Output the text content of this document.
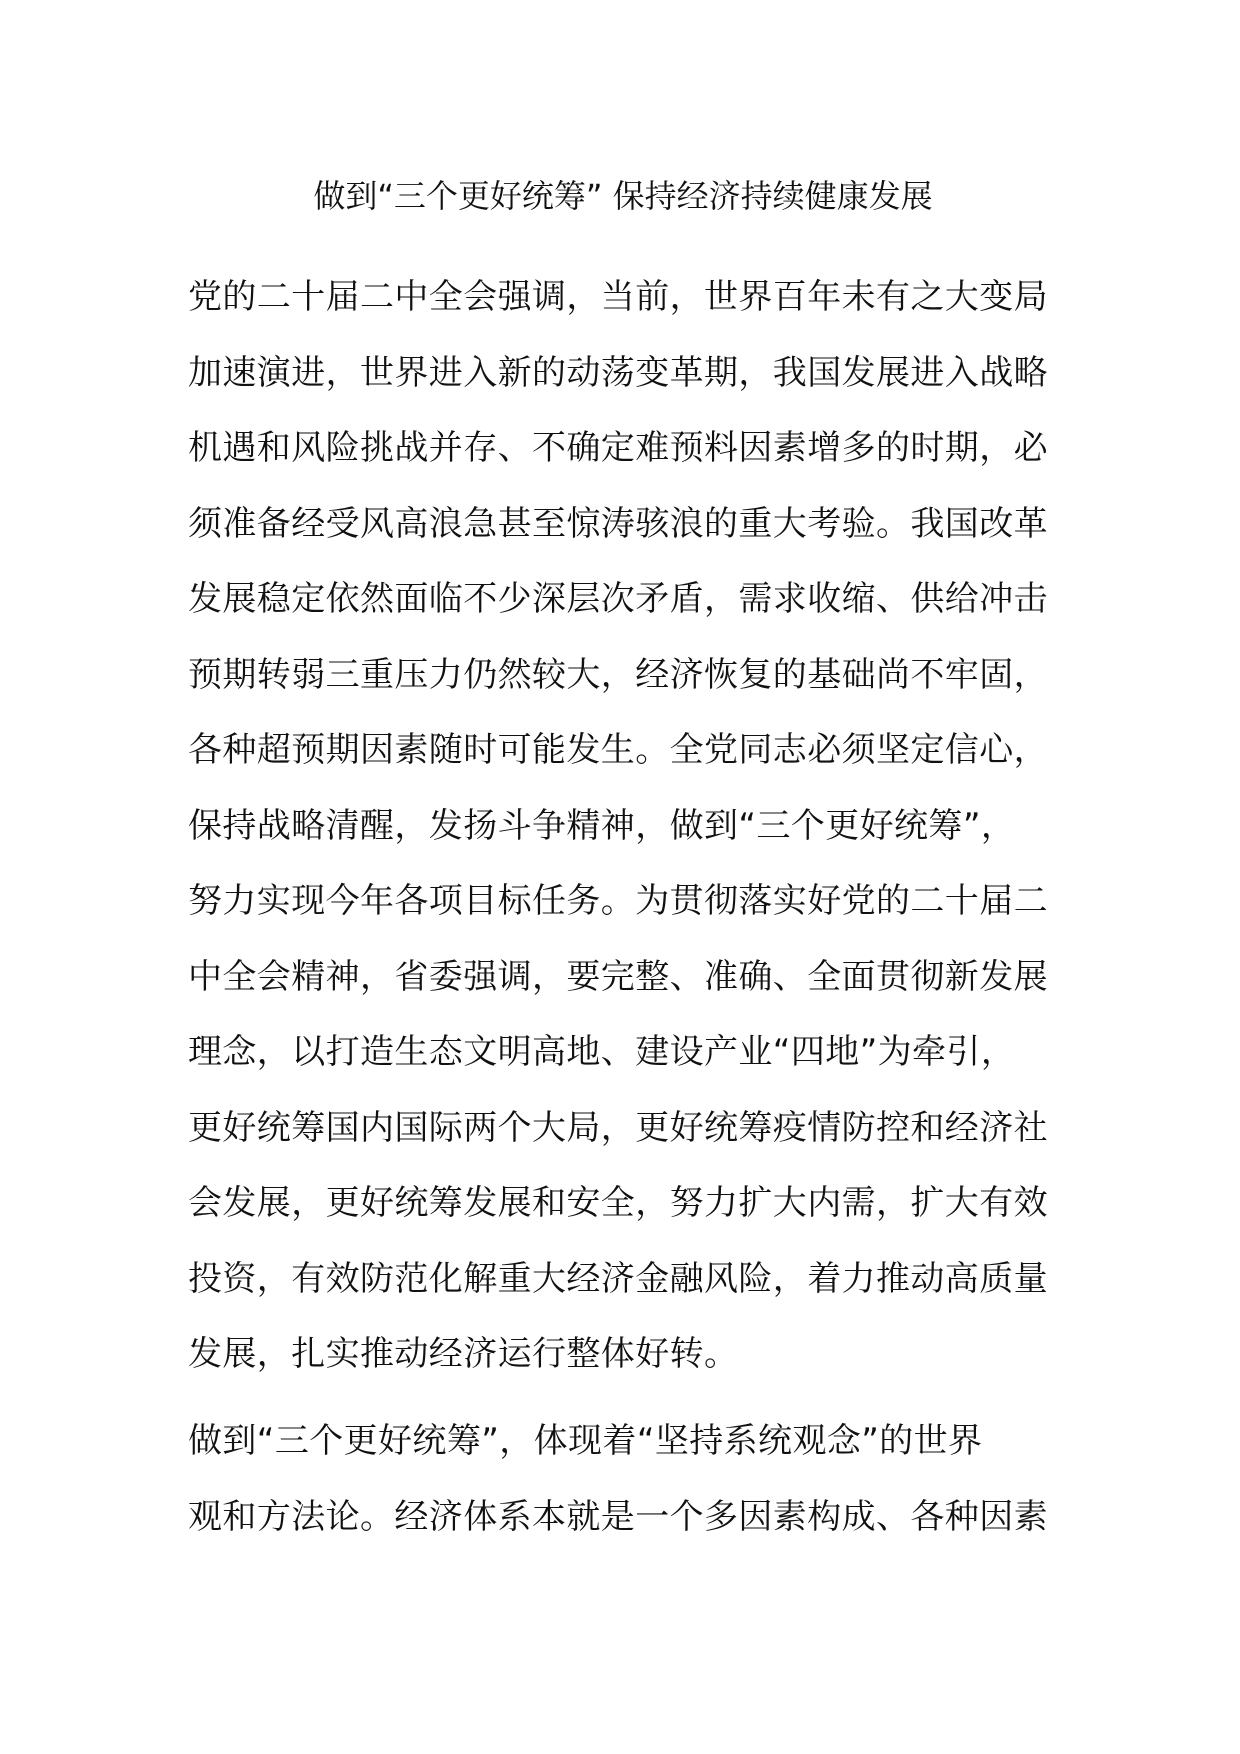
做到“三个更好统筹” 保持经济持续健康发展

党的二十届二中全会强调，当前，世界百年未有之大变局
加速演进，世界进入新的动荡变革期，我国发展进入战略
机遇和风险挑战并存、不确定难预料因素增多的时期，必
须准备经受风高浪急甚至惊涛骇浪的重大考验。我国改革
发展稳定依然面临不少深层次矛盾，需求收缩、供给冲击
预期转弱三重压力仍然较大，经济恢复的基础尚不牢固，
各种超预期因素随时可能发生。全党同志必须坚定信心，
保持战略清醒，发扬斗争精神，做到“三个更好统筹”，
努力实现今年各项目标任务。为贯彻落实好党的二十届二
中全会精神，省委强调，要完整、准确、全面贯彻新发展
理念，以打造生态文明高地、建设产业“四地”为牵引，
更好统筹国内国际两个大局，更好统筹疫情防控和经济社
会发展，更好统筹发展和安全，努力扩大内需，扩大有效
投资，有效防范化解重大经济金融风险，着力推动高质量
发展，扎实推动经济运行整体好转。

做到“三个更好统筹”，体现着“坚持系统观念”的世界
观和方法论。经济体系本就是一个多因素构成、各种因素
